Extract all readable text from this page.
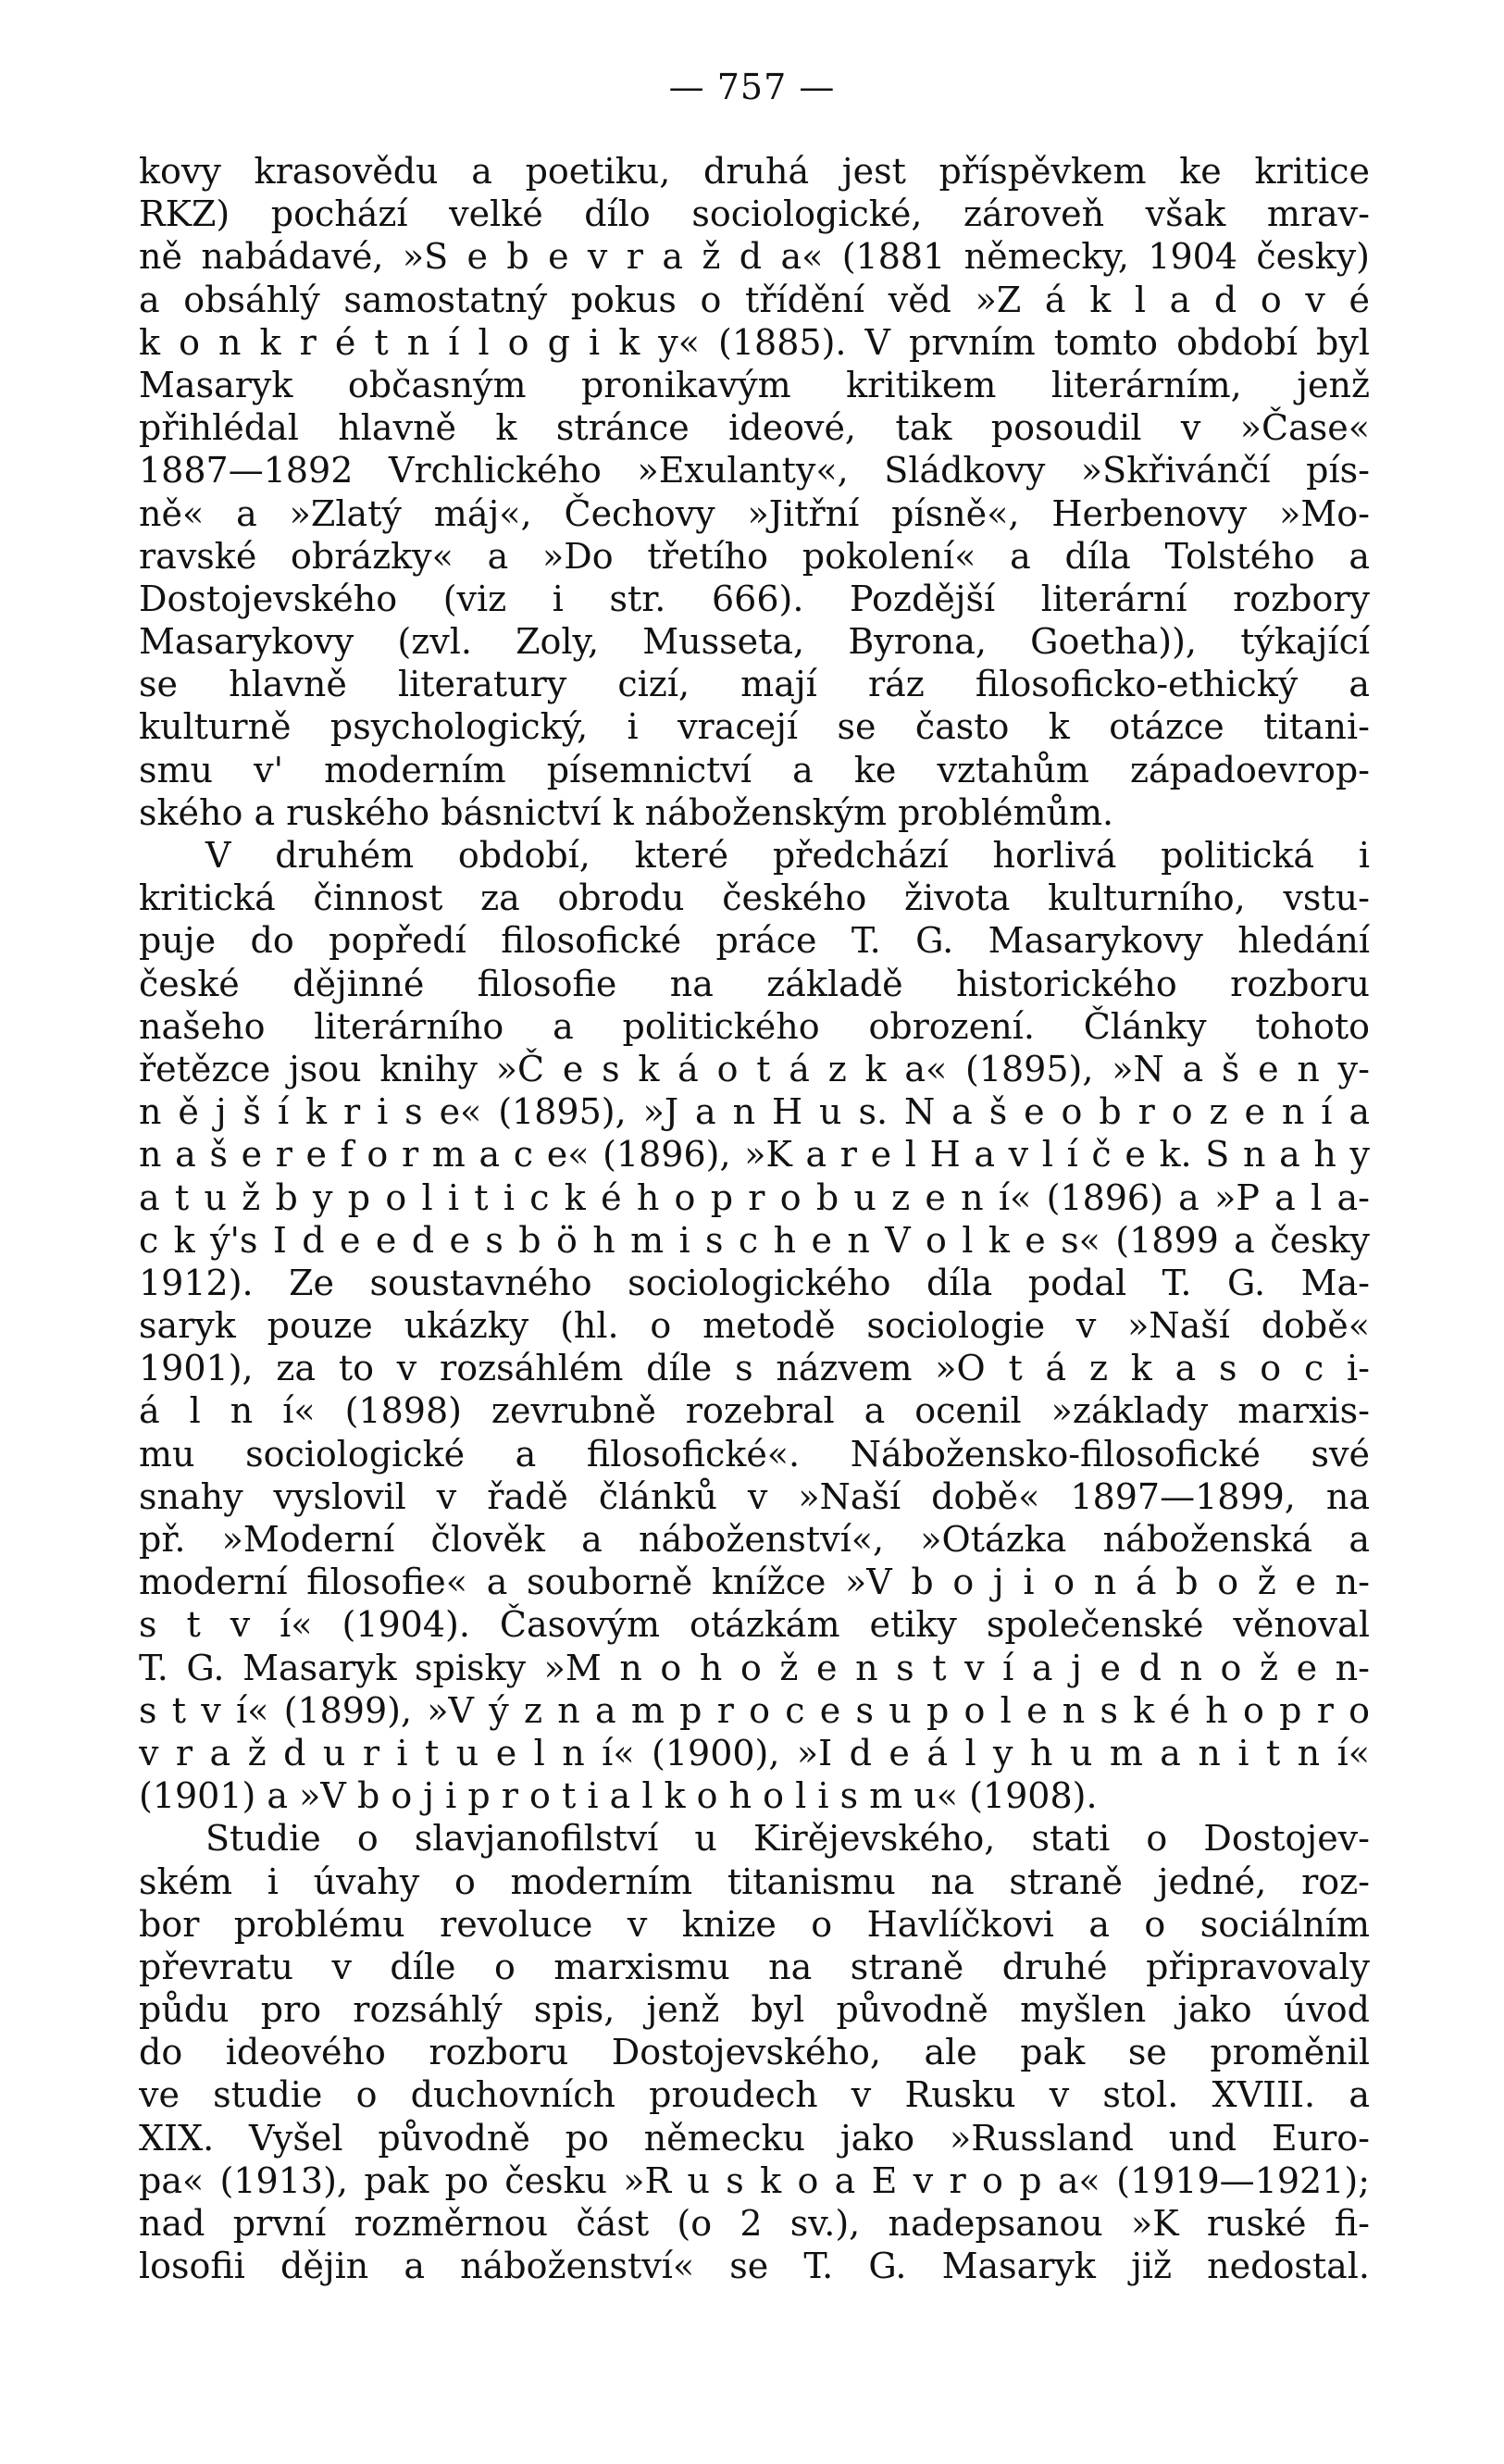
— 757 —
kovy krasovědu a poetiku, druhá jest příspěvkem ke kritice
RKZ) pochází velké dílo sociologické, zároveň však mrav-
ně nabádavé, »S e b e v r a ž d a« (1881 německy, 1904 česky)
a obsáhlý samostatný pokus o třídění věd »Z á k l a d o v é
k o n k r é t n í l o g i k y« (1885). V prvním tomto období byl
Masaryk občasným pronikavým kritikem literárním, jenž
přihlédal hlavně k stránce ideové, tak posoudil v »Čase«
1887—1892 Vrchlického »Exulanty«, Sládkovy »Skřivánčí pís-
ně« a »Zlatý máj«, Čechovy »Jitřní písně«, Herbenovy »Mo-
ravské obrázky« a »Do třetího pokolení« a díla Tolstého a
Dostojevského (viz i str. 666). Pozdější literární rozbory
Masarykovy (zvl. Zoly, Musseta, Byrona, Goetha)), týkající
se hlavně literatury cizí, mají ráz filosoficko-ethický a
kulturně psychologický, i vracejí se často k otázce titani-
smu v' moderním písemnictví a ke vztahům západoevrop-
ského a ruského básnictví k náboženským problémům.
V druhém období, které předchází horlivá politická i
kritická činnost za obrodu českého života kulturního, vstu-
puje do popředí filosofické práce T. G. Masarykovy hledání
české dějinné filosofie na základě historického rozboru
našeho literárního a politického obrození. Články tohoto
řetězce jsou knihy »Č e s k á o t á z k a« (1895), »N a š e n y-
n ě j š í k r i s e« (1895), »J a n H u s. N a š e o b r o z e n í a
n a š e r e f o r m a c e« (1896), »K a r e l H a v l í č e k. S n a h y
a t u ž b y p o l i t i c k é h o p r o b u z e n í« (1896) a »P a l a-
c k ý's I d e e d e s b ö h m i s c h e n V o l k e s« (1899 a česky
1912). Ze soustavného sociologického díla podal T. G. Ma-
saryk pouze ukázky (hl. o metodě sociologie v »Naší době«
1901), za to v rozsáhlém díle s názvem »O t á z k a s o c i-
á l n í« (1898) zevrubně rozebral a ocenil »základy marxis-
mu sociologické a filosofické«. Nábožensko-filosofické své
snahy vyslovil v řadě článků v »Naší době« 1897—1899, na
př. »Moderní člověk a náboženství«, »Otázka náboženská a
moderní filosofie« a souborně knížce »V b o j i o n á b o ž e n-
s t v í« (1904). Časovým otázkám etiky společenské věnoval
T. G. Masaryk spisky »M n o h o ž e n s t v í a j e d n o ž e n-
s t v í« (1899), »V ý z n a m p r o c e s u p o l e n s k é h o p r o
v r a ž d u r i t u e l n í« (1900), »I d e á l y h u m a n i t n í«
(1901) a »V b o j i p r o t i a l k o h o l i s m u« (1908).
Studie o slavjanofilství u Kirějevského, stati o Dostojev-
ském i úvahy o moderním titanismu na straně jedné, roz-
bor problému revoluce v knize o Havlíčkovi a o sociálním
převratu v díle o marxismu na straně druhé připravovaly
půdu pro rozsáhlý spis, jenž byl původně myšlen jako úvod
do ideového rozboru Dostojevského, ale pak se proměnil
ve studie o duchovních proudech v Rusku v stol. XVIII. a
XIX. Vyšel původně po německu jako »Russland und Euro-
pa« (1913), pak po česku »R u s k o a E v r o p a« (1919—1921);
nad první rozměrnou část (o 2 sv.), nadepsanou »K ruské fi-
losofii dějin a náboženství« se T. G. Masaryk již nedostal.
